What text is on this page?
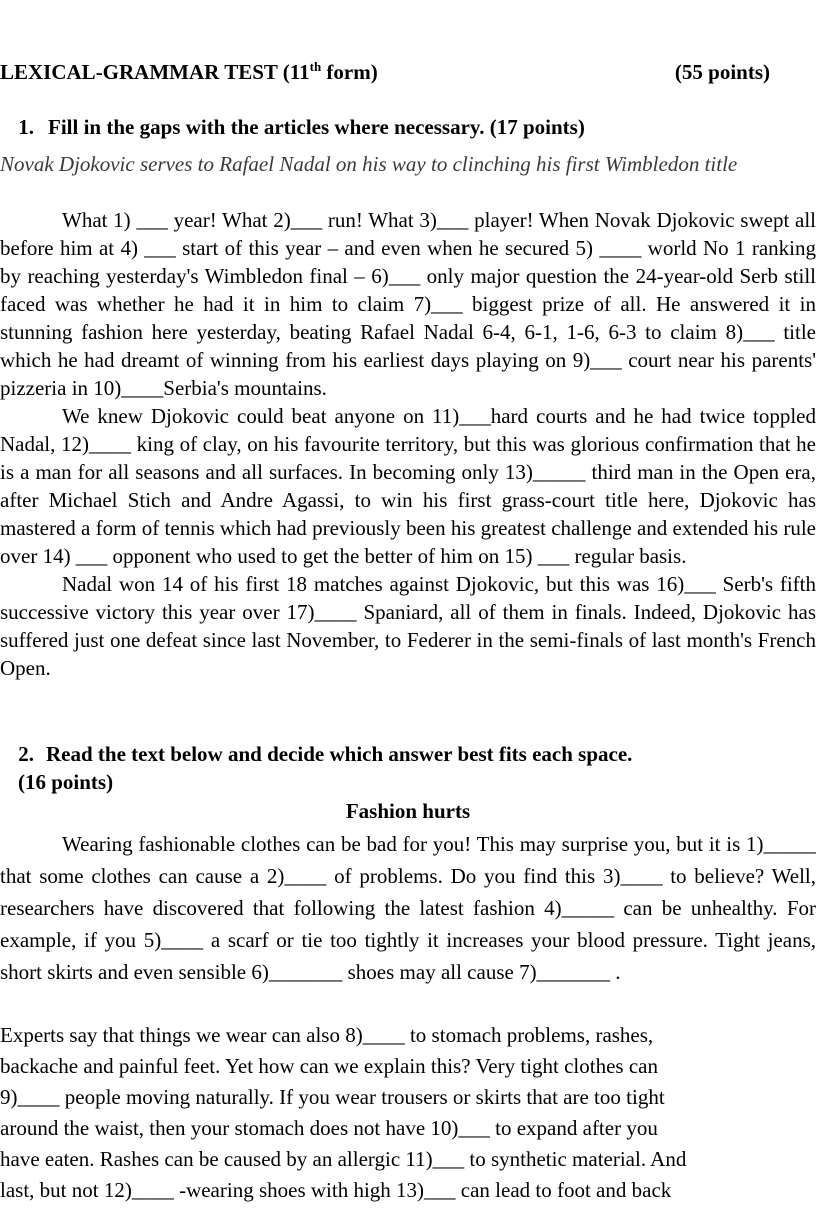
LEXICAL-GRAMMAR TEST (11th form)	(55 points)
1. Fill in the gaps with the articles where necessary. (17 points)
Novak Djokovic serves to Rafael Nadal on his way to clinching his first Wimbledon title

What 1) ___ year! What 2)___ run! What 3)___ player! When Novak Djokovic swept all before him at 4) ___ start of this year – and even when he secured 5) ____ world No 1 ranking by reaching yesterday's Wimbledon final – 6)___ only major question the 24-year-old Serb still faced was whether he had it in him to claim 7)___ biggest prize of all. He answered it in stunning fashion here yesterday, beating Rafael Nadal 6-4, 6-1, 1-6, 6-3 to claim 8)___ title which he had dreamt of winning from his earliest days playing on 9)___ court near his parents' pizzeria in 10)____Serbia's mountains.

We knew Djokovic could beat anyone on 11)___hard courts and he had twice toppled Nadal, 12)____ king of clay, on his favourite territory, but this was glorious confirmation that he is a man for all seasons and all surfaces. In becoming only 13)_____ third man in the Open era, after Michael Stich and Andre Agassi, to win his first grass-court title here, Djokovic has mastered a form of tennis which had previously been his greatest challenge and extended his rule over 14) ___ opponent who used to get the better of him on 15) ___ regular basis.

Nadal won 14 of his first 18 matches against Djokovic, but this was 16)___ Serb's fifth successive victory this year over 17)____ Spaniard, all of them in finals. Indeed, Djokovic has suffered just one defeat since last November, to Federer in the semi-finals of last month's French Open.

2. Read the text below and decide which answer best fits each space.
(16 points)
Fashion hurts

Wearing fashionable clothes can be bad for you! This may surprise you, but it is 1)_____ that some clothes can cause a 2)____ of problems. Do you find this 3)____ to believe? Well, researchers have discovered that following the latest fashion 4)_____ can be unhealthy. For example, if you 5)____ a scarf or tie too tightly it increases your blood pressure. Tight jeans, short skirts and even sensible 6)_______ shoes may all cause 7)_______ .

Experts say that things we wear can also 8)____ to stomach problems, rashes,

backache and painful feet. Yet how can we explain this? Very tight clothes can

9)____ people moving naturally. If you wear trousers or skirts that are too tight

around the waist, then your stomach does not have 10)___ to expand after you

have eaten. Rashes can be caused by an allergic 11)___ to synthetic material. And

last, but not 12)____ -wearing shoes with high 13)___ can lead to foot and back
